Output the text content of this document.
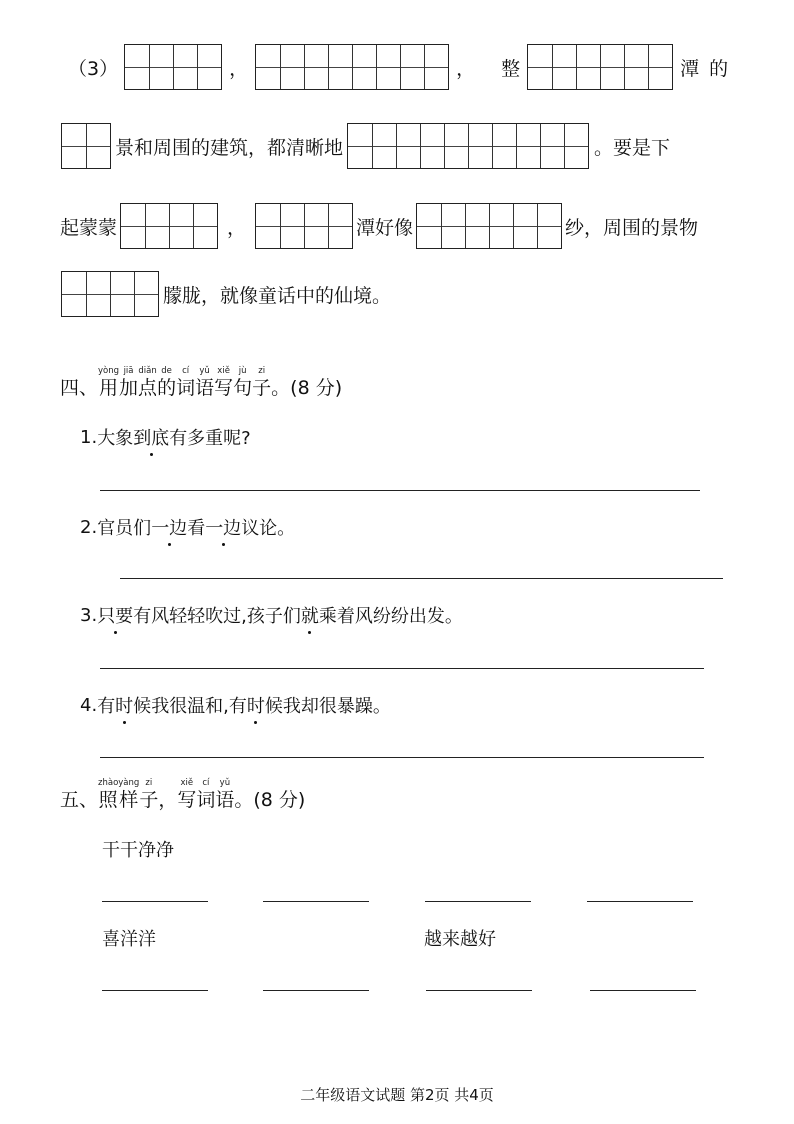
（3）	，	， 整	潭的
景和周围的建筑，都清晰地	。要是下
起蒙蒙	，	潭好像	纱，周围的景物
朦胧，就像童话中的仙境。
四、
yòng
用
jiā
加
diǎn
点
de
的
cí
词
yǔ
语
xiě
写
jù
句
zi
子 。(8 分)
1. 大象 到底 有多重呢?
2. 官员们 一边 看 一边 议论。
3. 只要 有风轻轻吹过,孩子们 就 乘着风纷纷出发。
4. 有时候 我很温和, 有时候 我却很暴躁。
五、
zhào
照
yàng
样
zi
子 ，
xiě
写
cí
词
yǔ
语 。(8 分)
干干净净
喜洋洋	越来越好
二年级语文试题 第2页 共4页
